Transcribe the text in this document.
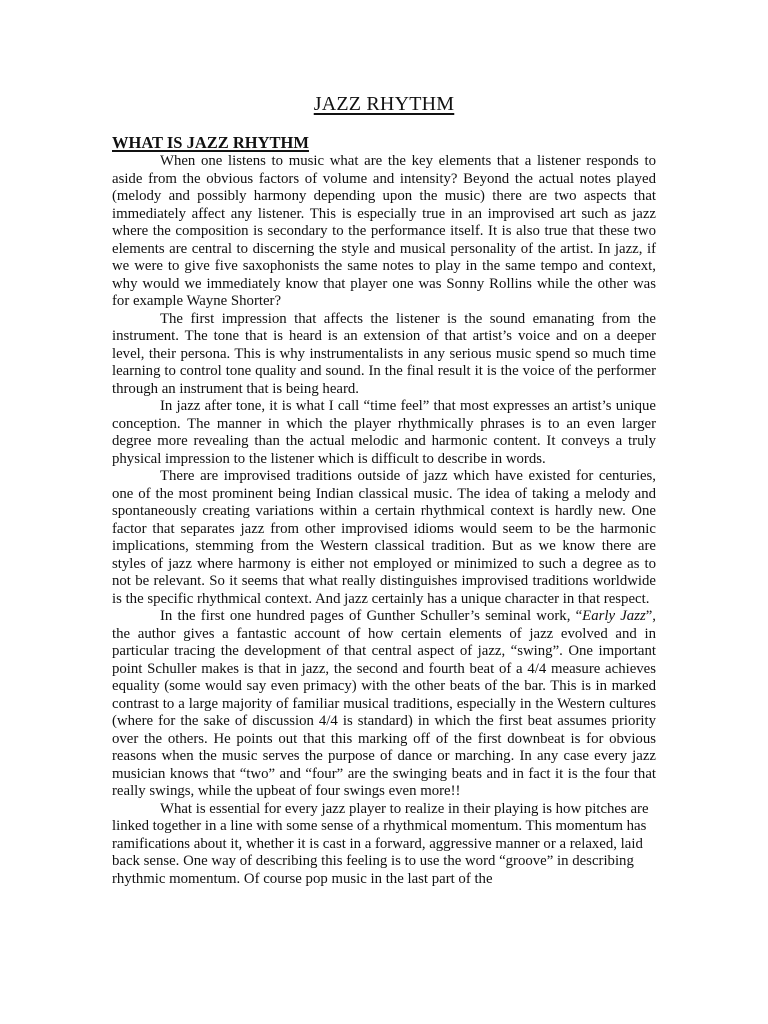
JAZZ RHYTHM

WHAT IS JAZZ RHYTHM

When one listens to music what are the key elements that a listener responds to aside from the obvious factors of volume and intensity? Beyond the actual notes played (melody and possibly harmony depending upon the music) there are two aspects that immediately affect any listener. This is especially true in an improvised art such as jazz where the composition is secondary to the performance itself. It is also true that these two elements are central to discerning the style and musical personality of the artist. In jazz, if we were to give five saxophonists the same notes to play in the same tempo and context, why would we immediately know that player one was Sonny Rollins while the other was for example Wayne Shorter?

The first impression that affects the listener is the sound emanating from the instrument. The tone that is heard is an extension of that artist’s voice and on a deeper level, their persona. This is why instrumentalists in any serious music spend so much time learning to control tone quality and sound. In the final result it is the voice of the performer through an instrument that is being heard.

In jazz after tone, it is what I call “time feel” that most expresses an artist’s unique conception. The manner in which the player rhythmically phrases is to an even larger degree more revealing than the actual melodic and harmonic content. It conveys a truly physical impression to the listener which is difficult to describe in words.

There are improvised traditions outside of jazz which have existed for centuries, one of the most prominent being Indian classical music. The idea of taking a melody and spontaneously creating variations within a certain rhythmical context is hardly new. One factor that separates jazz from other improvised idioms would seem to be the harmonic implications, stemming from the Western classical tradition. But as we know there are styles of jazz where harmony is either not employed or minimized to such a degree as to not be relevant. So it seems that what really distinguishes improvised traditions worldwide is the specific rhythmical context. And jazz certainly has a unique character in that respect.

In the first one hundred pages of Gunther Schuller’s seminal work, “Early Jazz”, the author gives a fantastic account of how certain elements of jazz evolved and in particular tracing the development of that central aspect of jazz, “swing”. One important point Schuller makes is that in jazz, the second and fourth beat of a 4/4 measure achieves equality (some would say even primacy) with the other beats of the bar. This is in marked contrast to a large majority of familiar musical traditions, especially in the Western cultures (where for the sake of discussion 4/4 is standard) in which the first beat assumes priority over the others. He points out that this marking off of the first downbeat is for obvious reasons when the music serves the purpose of dance or marching. In any case every jazz musician knows that “two” and “four” are the swinging beats and in fact it is the four that really swings, while the upbeat of four swings even more!!

What is essential for every jazz player to realize in their playing is how pitches are linked together in a line with some sense of a rhythmical momentum. This momentum has ramifications about it, whether it is cast in a forward, aggressive manner or a relaxed, laid back sense. One way of describing this feeling is to use the word “groove” in describing rhythmic momentum. Of course pop music in the last part of the
